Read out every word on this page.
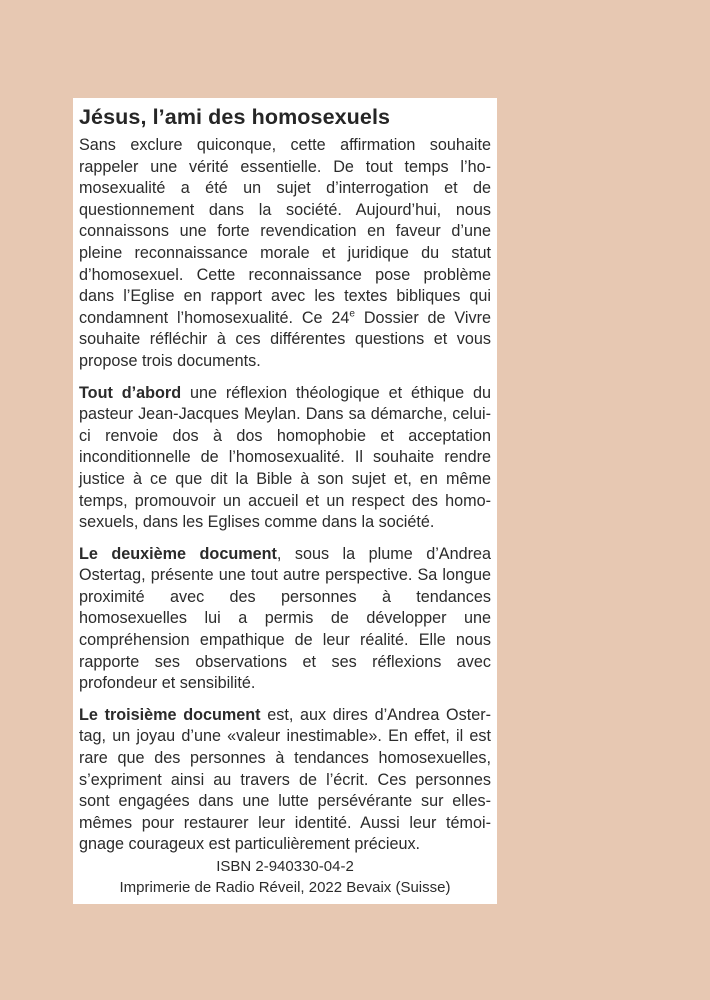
Jésus, l’ami des homosexuels

Sans exclure quiconque, cette affirmation souhaite rappeler une vérité essentielle. De tout temps l’homosexualité a été un sujet d’interrogation et de questionnement dans la société. Aujourd’hui, nous connaissons une forte revendication en faveur d’une pleine reconnaissance morale et juridique du statut d’homosexuel. Cette reconnaissance pose problème dans l’Eglise en rapport avec les textes bibliques qui condamnent l’homosexualité. Ce 24e Dossier de Vivre souhaite réfléchir à ces différentes questions et vous propose trois documents.

Tout d’abord une réflexion théologique et éthique du pasteur Jean-Jacques Meylan. Dans sa démarche, celui-ci renvoie dos à dos homophobie et acceptation inconditionnelle de l’homosexualité. Il souhaite rendre justice à ce que dit la Bible à son sujet et, en même temps, promouvoir un accueil et un respect des homosexuels, dans les Eglises comme dans la société.

Le deuxième document, sous la plume d’Andrea Ostertag, présente une tout autre perspective. Sa longue proximité avec des personnes à tendances homosexuelles lui a permis de développer une compréhension empathique de leur réalité. Elle nous rapporte ses observations et ses réflexions avec profondeur et sensibilité.

Le troisième document est, aux dires d’Andrea Ostertag, un joyau d’une «valeur inestimable». En effet, il est rare que des personnes à tendances homosexuelles, s’expriment ainsi au travers de l’écrit. Ces personnes sont engagées dans une lutte persévérante sur elles-mêmes pour restaurer leur identité. Aussi leur témoignage courageux est particulièrement précieux.

ISBN 2-940330-04-2
Imprimerie de Radio Réveil, 2022 Bevaix (Suisse)
